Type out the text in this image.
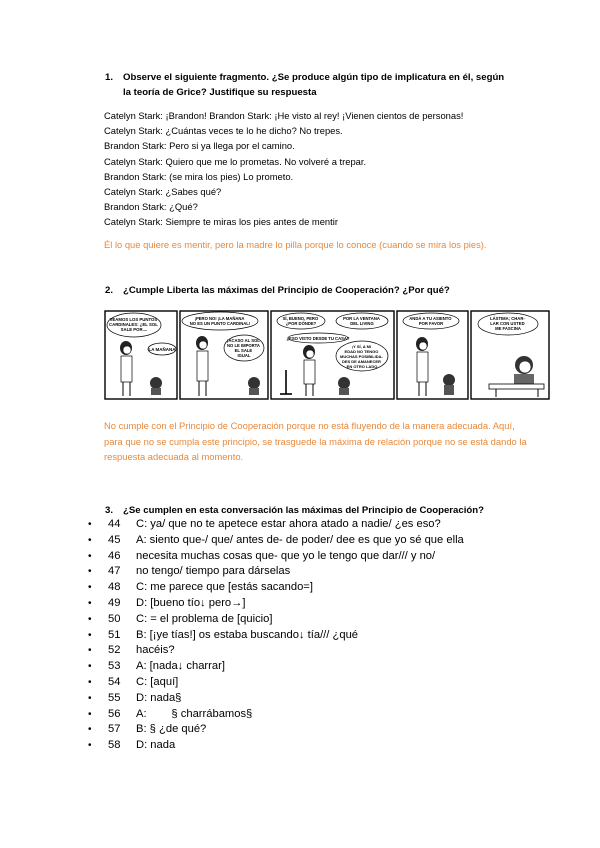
1. Observe el siguiente fragmento. ¿Se produce algún tipo de implicatura en él, según
la teoría de Grice? Justifique su respuesta
Catelyn Stark: ¡Brandon! Brandon Stark: ¡He visto al rey! ¡Vienen cientos de personas!
Catelyn Stark: ¿Cuántas veces te lo he dicho? No trepes.
Brandon Stark: Pero si ya llega por el camino.
Catelyn Stark: Quiero que me lo prometas. No volveré a trepar.
Brandon Stark: (se mira los pies) Lo prometo.
Catelyn Stark: ¿Sabes qué?
Brandon Stark: ¿Qué?
Catelyn Stark: Siempre te miras los pies antes de mentir
Él lo que quiere es mentir, pero la madre lo pilla porque lo conoce (cuando se mira los pies).
2. ¿Cumple Liberta las máximas del Principio de Cooperación? ¿Por qué?
VEAMOS LOS PUNTOS CARDINALES: ¿EL SOL SALE POR....
LA MAÑANA
¡PERO NO! ¡LA MAÑANA NO ES UN PUNTO CARDINAL!
¡ACASO AL SOL NO LE IMPORTA EL SALE IGUAL
SÍ, BUENO, PERO ¿POR DÓNDE?
POR LA VENTANA DEL LIVING
¿ESO VISTO DESDE TU CASA?
¡Y SÍ, A MI EDAD NO TENGO MUCHAS POSIBILIDA- DES DE AMANECER EN OTRO LADO
ANDÁ A TU ASIENTO POR FAVOR
LÁSTIMA; CHAR- LAR CON USTED ME FASCINA
No cumple con el Principio de Cooperación porque no está fluyendo de la manera adecuada. Aquí, para que no se cumpla este principio, se trasguede la máxima de relación porque no se está dando la respuesta adecuada al momento.
3. ¿Se cumplen en esta conversación las máximas del Principio de Cooperación?
• 44 C: ya/ que no te apetece estar ahora atado a nadie/ ¿es eso?
• 45 A: siento que-/ que/ antes de- de poder/ dee es que yo sé que ella
• 46 necesita muchas cosas que- que yo le tengo que dar/// y no/
• 47 no tengo/ tiempo para dárselas
• 48 C: me parece que [estás sacando=]
• 49 D: [bueno tío↓ pero→]
• 50 C: = el problema de [quicio]
• 51 B: [¡ye tías!] os estaba buscando↓ tía/// ¿qué
• 52 hacéis?
• 53 A: [nada↓ charrar]
• 54 C: [aquí]
• 55 D: nada§
• 56 A:        § charrábamos§
• 57 B: § ¿de qué?
• 58 D: nada
